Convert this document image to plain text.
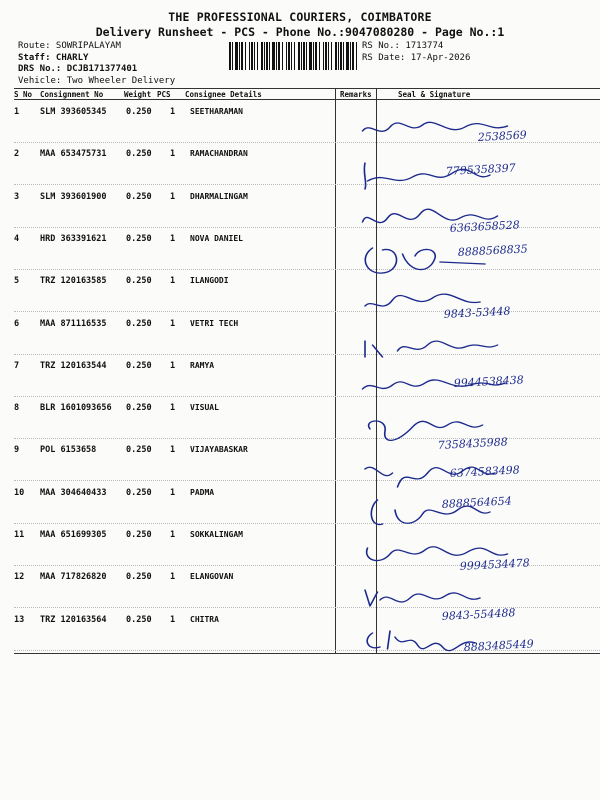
THE PROFESSIONAL COURIERS, COIMBATORE
Delivery Runsheet - PCS - Phone No.:9047080280 - Page No.:1
Route: SOWRIPALAYAM
Staff: CHARLY
DRS No.: DCJB171377401
Vehicle: Two Wheeler Delivery
RS No.: 1713774
RS Date: 17-Apr-2026
S No Consignment No	Weight PCS Consignee Details	Remarks	Seal & Signature
1 SLM 393605345 0.250 1 SEETHARAMAN
2538569
2 MAA 653475731 0.250 1 RAMACHANDRAN
7795358397
3 SLM 393601900 0.250 1 DHARMALINGAM
6363658528
4 HRD 363391621 0.250 1 NOVA DANIEL
8888568835
5 TRZ 120163585 0.250 1 ILANGODI
9843-53448
6 MAA 871116535 0.250 1 VETRI TECH
7 TRZ 120163544 0.250 1 RAMYA
9944538438
8 BLR 1601093656 0.250 1 VISUAL
7358435988
9 POL 6153658	0.250 1 VIJAYABASKAR
6374583498
10 MAA 304640433 0.250 1 PADMA
8888564654
11 MAA 651699305 0.250 1 SOKKALINGAM
9994534478
12 MAA 717826820 0.250 1 ELANGOVAN
9843-554488
13 TRZ 120163564 0.250 1 CHITRA
8883485449
